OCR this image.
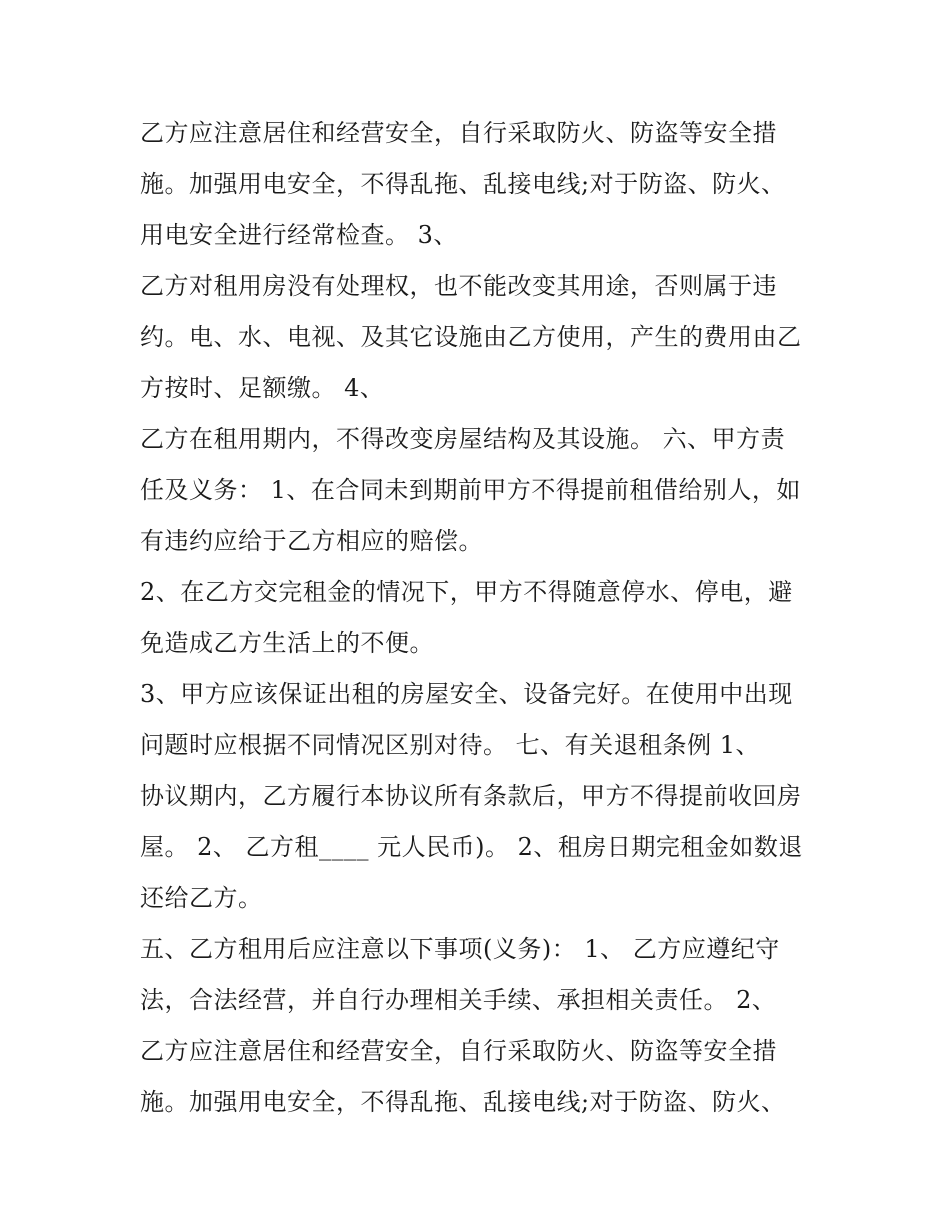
乙方应注意居住和经营安全，自行采取防火、防盗等安全措
施。加强用电安全，不得乱拖、乱接电线;对于防盗、防火、
用电安全进行经常检查。 3、
乙方对租用房没有处理权，也不能改变其用途，否则属于违
约。电、水、电视、及其它设施由乙方使用，产生的费用由乙
方按时、足额缴。 4、
乙方在租用期内，不得改变房屋结构及其设施。 六、甲方责
任及义务： 1、在合同未到期前甲方不得提前租借给别人，如
有违约应给于乙方相应的赔偿。
2、在乙方交完租金的情况下，甲方不得随意停水、停电，避
免造成乙方生活上的不便。
3、甲方应该保证出租的房屋安全、设备完好。在使用中出现
问题时应根据不同情况区别对待。 七、有关退租条例 1、
协议期内，乙方履行本协议所有条款后，甲方不得提前收回房
屋。 2、 乙方租____ 元人民币)。 2、租房日期完租金如数退
还给乙方。
五、乙方租用后应注意以下事项(义务)： 1、 乙方应遵纪守
法，合法经营，并自行办理相关手续、承担相关责任。 2、
乙方应注意居住和经营安全，自行采取防火、防盗等安全措
施。加强用电安全，不得乱拖、乱接电线;对于防盗、防火、
